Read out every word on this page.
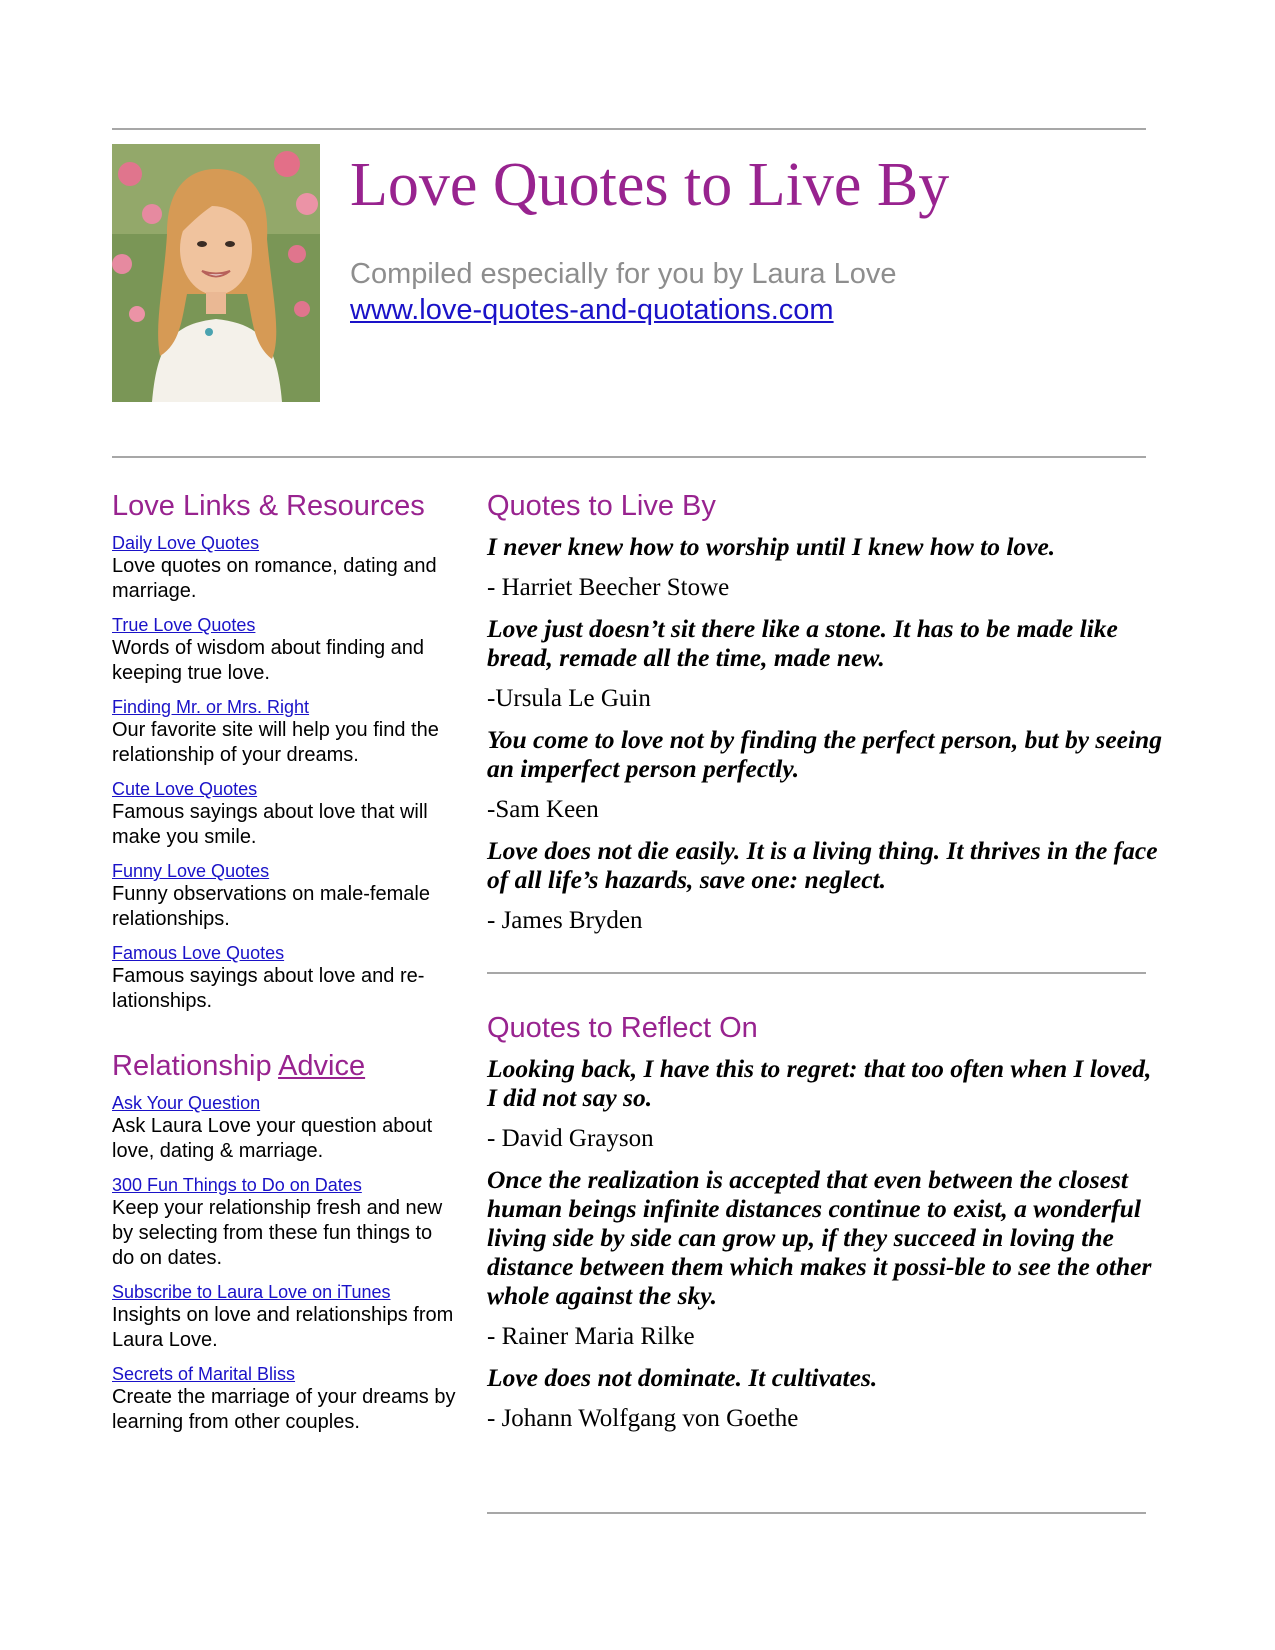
Love Quotes to Live By
Compiled especially for you by Laura Love
www.love-quotes-and-quotations.com
Love Links & Resources
Daily Love Quotes
Love quotes on romance, dating and marriage.
True Love Quotes
Words of wisdom about finding and keeping true love.
Finding Mr. or Mrs. Right
Our favorite site will help you find the relationship of your dreams.
Cute Love Quotes
Famous sayings about love that will make you smile.
Funny Love Quotes
Funny observations on male-female relationships.
Famous Love Quotes
Famous sayings about love and re-lationships.
Relationship Advice
Ask Your Question
Ask Laura Love your question about love, dating & marriage.
300 Fun Things to Do on Dates
Keep your relationship fresh and new by selecting from these fun things to do on dates.
Subscribe to Laura Love on iTunes
Insights on love and relationships from Laura Love.
Secrets of Marital Bliss
Create the marriage of your dreams by learning from other couples.
Quotes to Live By
I never knew how to worship until I knew how to love.
- Harriet Beecher Stowe
Love just doesn’t sit there like a stone. It has to be made like bread, remade all the time, made new.
-Ursula Le Guin
You come to love not by finding the perfect person, but by seeing an imperfect person perfectly.
-Sam Keen
Love does not die easily. It is a living thing. It thrives in the face of all life’s hazards, save one: neglect.
- James Bryden
Quotes to Reflect On
Looking back, I have this to regret: that too often when I loved, I did not say so.
- David Grayson
Once the realization is accepted that even between the closest human beings infinite distances continue to exist, a wonderful living side by side can grow up, if they succeed in loving the distance between them which makes it possi-ble to see the other whole against the sky.
- Rainer Maria Rilke
Love does not dominate. It cultivates.
- Johann Wolfgang von Goethe
